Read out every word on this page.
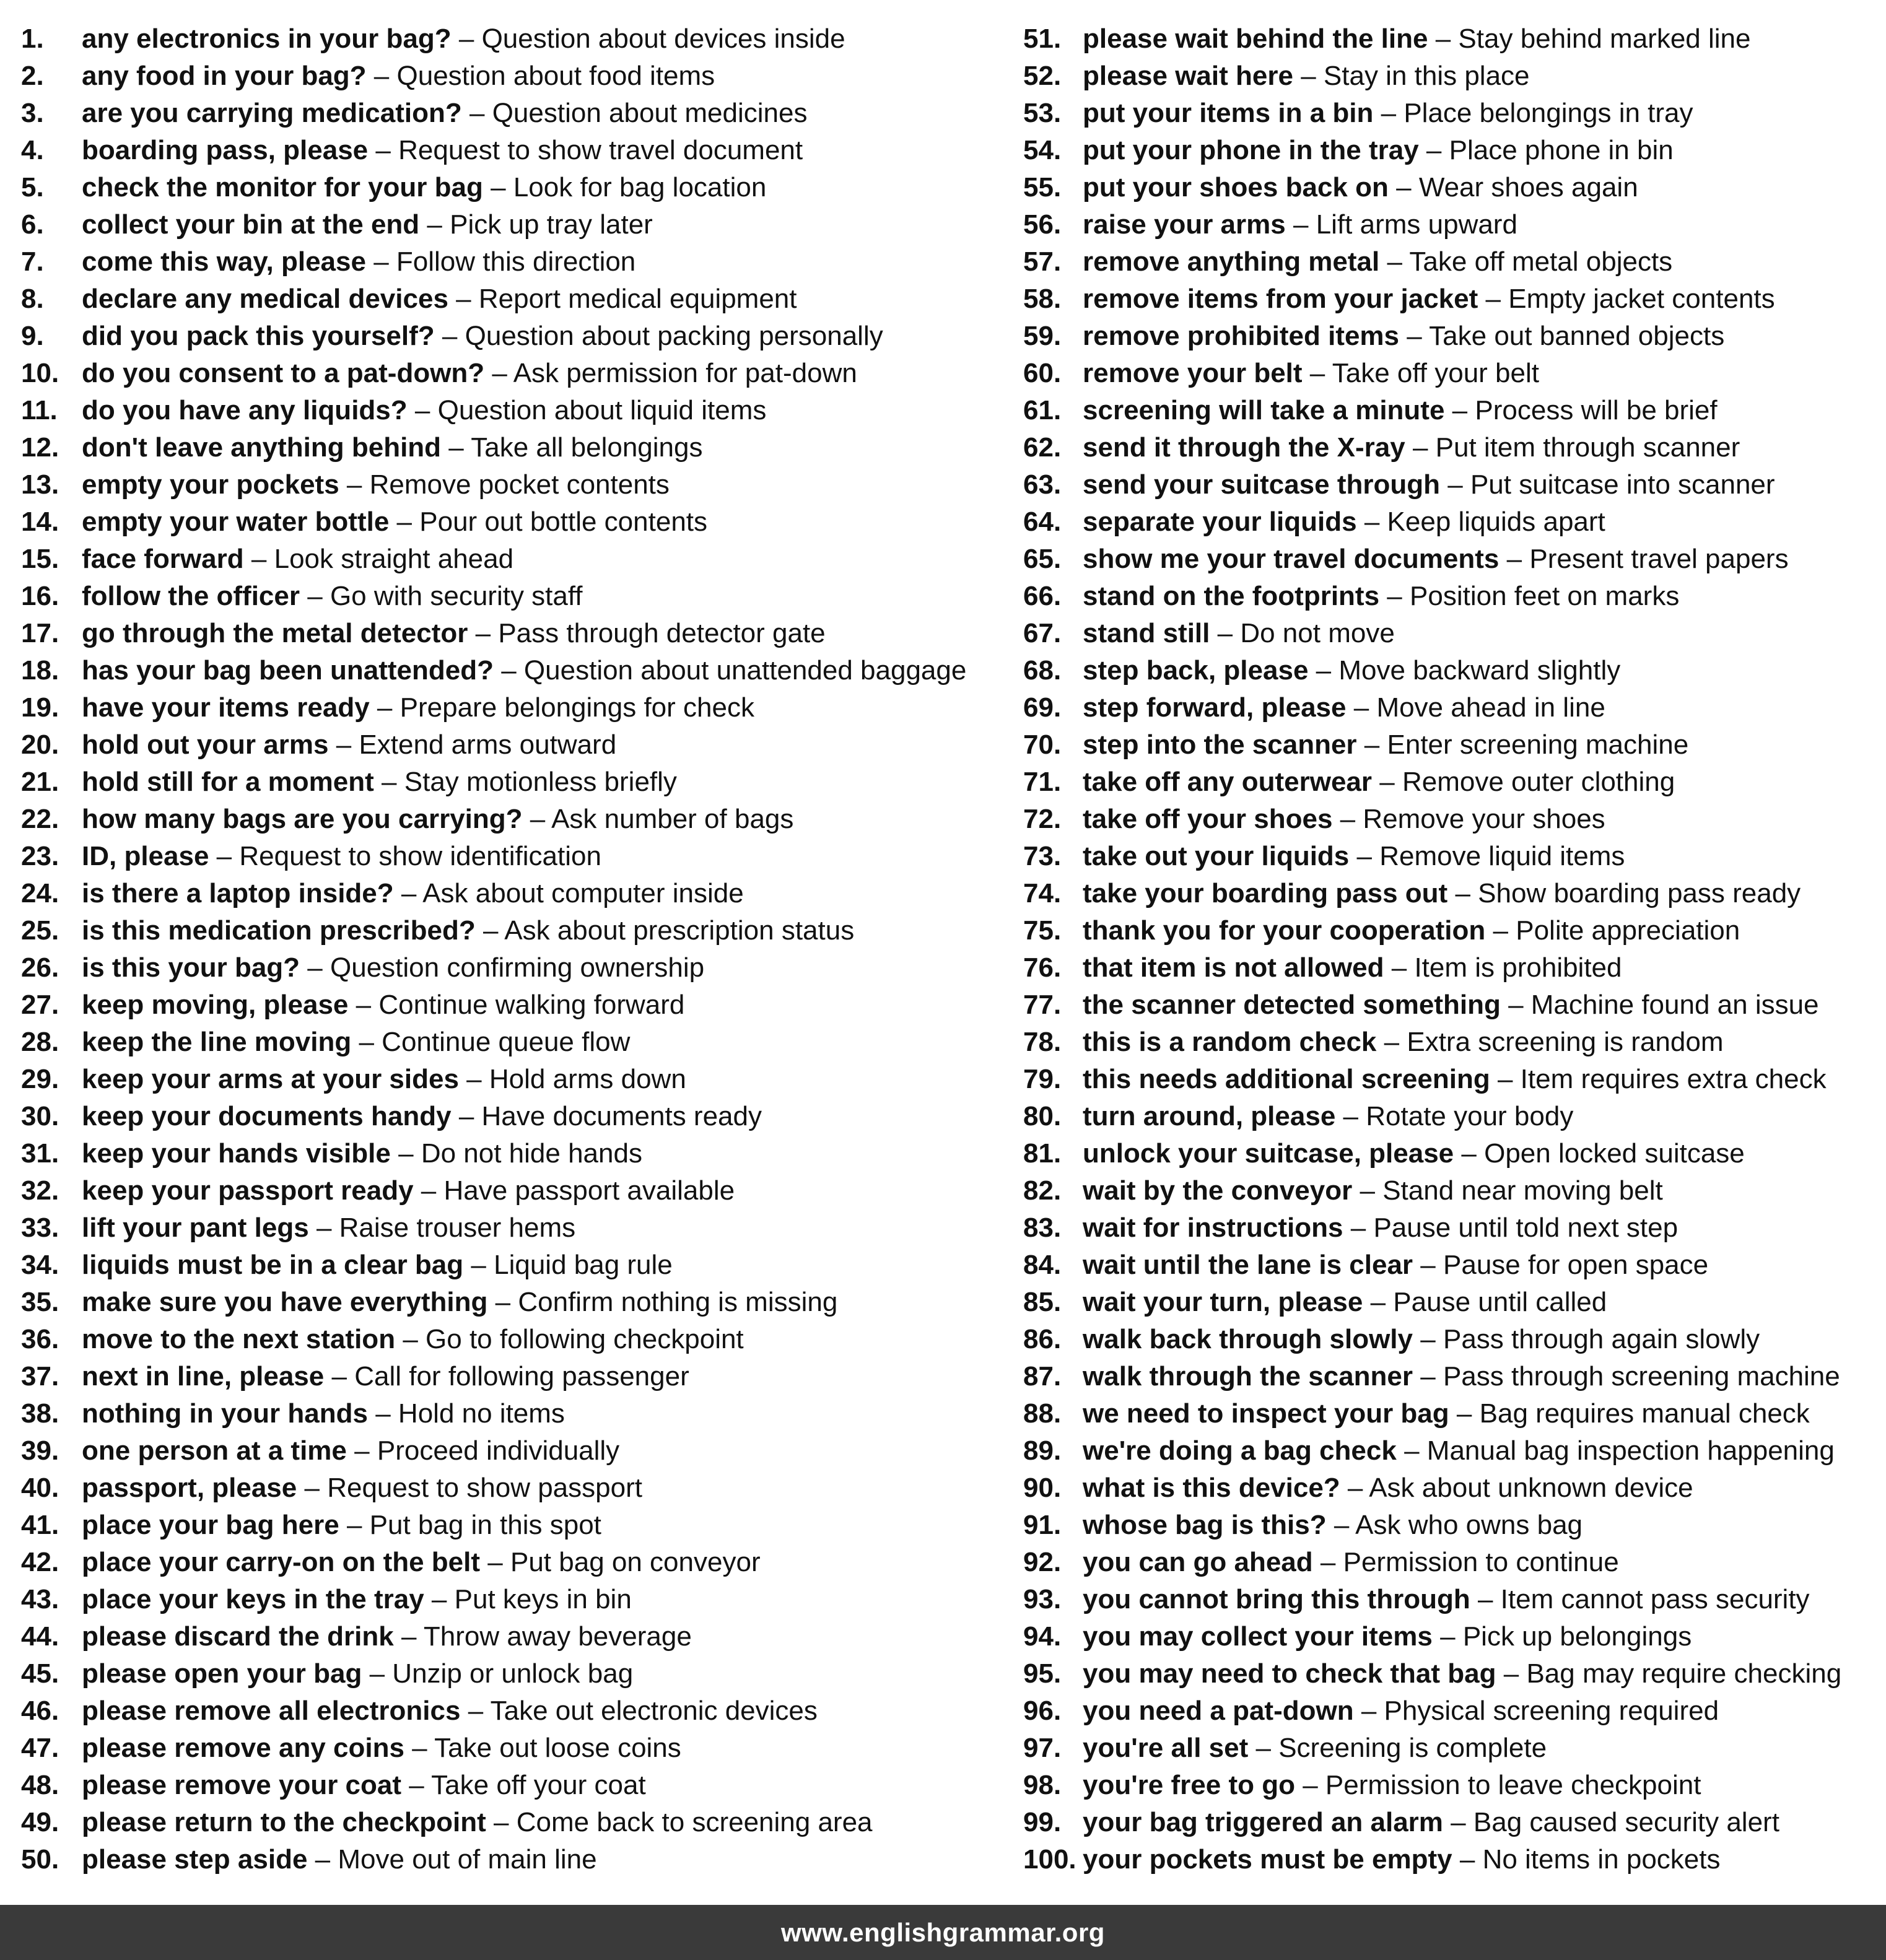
1. any electronics in your bag? – Question about devices inside
2. any food in your bag? – Question about food items
3. are you carrying medication? – Question about medicines
4. boarding pass, please – Request to show travel document
5. check the monitor for your bag – Look for bag location
6. collect your bin at the end – Pick up tray later
7. come this way, please – Follow this direction
8. declare any medical devices – Report medical equipment
9. did you pack this yourself? – Question about packing personally
10. do you consent to a pat-down? – Ask permission for pat-down
11. do you have any liquids? – Question about liquid items
12. don't leave anything behind – Take all belongings
13. empty your pockets – Remove pocket contents
14. empty your water bottle – Pour out bottle contents
15. face forward – Look straight ahead
16. follow the officer – Go with security staff
17. go through the metal detector – Pass through detector gate
18. has your bag been unattended? – Question about unattended baggage
19. have your items ready – Prepare belongings for check
20. hold out your arms – Extend arms outward
21. hold still for a moment – Stay motionless briefly
22. how many bags are you carrying? – Ask number of bags
23. ID, please – Request to show identification
24. is there a laptop inside? – Ask about computer inside
25. is this medication prescribed? – Ask about prescription status
26. is this your bag? – Question confirming ownership
27. keep moving, please – Continue walking forward
28. keep the line moving – Continue queue flow
29. keep your arms at your sides – Hold arms down
30. keep your documents handy – Have documents ready
31. keep your hands visible – Do not hide hands
32. keep your passport ready – Have passport available
33. lift your pant legs – Raise trouser hems
34. liquids must be in a clear bag – Liquid bag rule
35. make sure you have everything – Confirm nothing is missing
36. move to the next station – Go to following checkpoint
37. next in line, please – Call for following passenger
38. nothing in your hands – Hold no items
39. one person at a time – Proceed individually
40. passport, please – Request to show passport
41. place your bag here – Put bag in this spot
42. place your carry-on on the belt – Put bag on conveyor
43. place your keys in the tray – Put keys in bin
44. please discard the drink – Throw away beverage
45. please open your bag – Unzip or unlock bag
46. please remove all electronics – Take out electronic devices
47. please remove any coins – Take out loose coins
48. please remove your coat – Take off your coat
49. please return to the checkpoint – Come back to screening area
50. please step aside – Move out of main line
51. please wait behind the line – Stay behind marked line
52. please wait here – Stay in this place
53. put your items in a bin – Place belongings in tray
54. put your phone in the tray – Place phone in bin
55. put your shoes back on – Wear shoes again
56. raise your arms – Lift arms upward
57. remove anything metal – Take off metal objects
58. remove items from your jacket – Empty jacket contents
59. remove prohibited items – Take out banned objects
60. remove your belt – Take off your belt
61. screening will take a minute – Process will be brief
62. send it through the X-ray – Put item through scanner
63. send your suitcase through – Put suitcase into scanner
64. separate your liquids – Keep liquids apart
65. show me your travel documents – Present travel papers
66. stand on the footprints – Position feet on marks
67. stand still – Do not move
68. step back, please – Move backward slightly
69. step forward, please – Move ahead in line
70. step into the scanner – Enter screening machine
71. take off any outerwear – Remove outer clothing
72. take off your shoes – Remove your shoes
73. take out your liquids – Remove liquid items
74. take your boarding pass out – Show boarding pass ready
75. thank you for your cooperation – Polite appreciation
76. that item is not allowed – Item is prohibited
77. the scanner detected something – Machine found an issue
78. this is a random check – Extra screening is random
79. this needs additional screening – Item requires extra check
80. turn around, please – Rotate your body
81. unlock your suitcase, please – Open locked suitcase
82. wait by the conveyor – Stand near moving belt
83. wait for instructions – Pause until told next step
84. wait until the lane is clear – Pause for open space
85. wait your turn, please – Pause until called
86. walk back through slowly – Pass through again slowly
87. walk through the scanner – Pass through screening machine
88. we need to inspect your bag – Bag requires manual check
89. we're doing a bag check – Manual bag inspection happening
90. what is this device? – Ask about unknown device
91. whose bag is this? – Ask who owns bag
92. you can go ahead – Permission to continue
93. you cannot bring this through – Item cannot pass security
94. you may collect your items – Pick up belongings
95. you may need to check that bag – Bag may require checking
96. you need a pat-down – Physical screening required
97. you're all set – Screening is complete
98. you're free to go – Permission to leave checkpoint
99. your bag triggered an alarm – Bag caused security alert
100. your pockets must be empty – No items in pockets
www.englishgrammar.org
